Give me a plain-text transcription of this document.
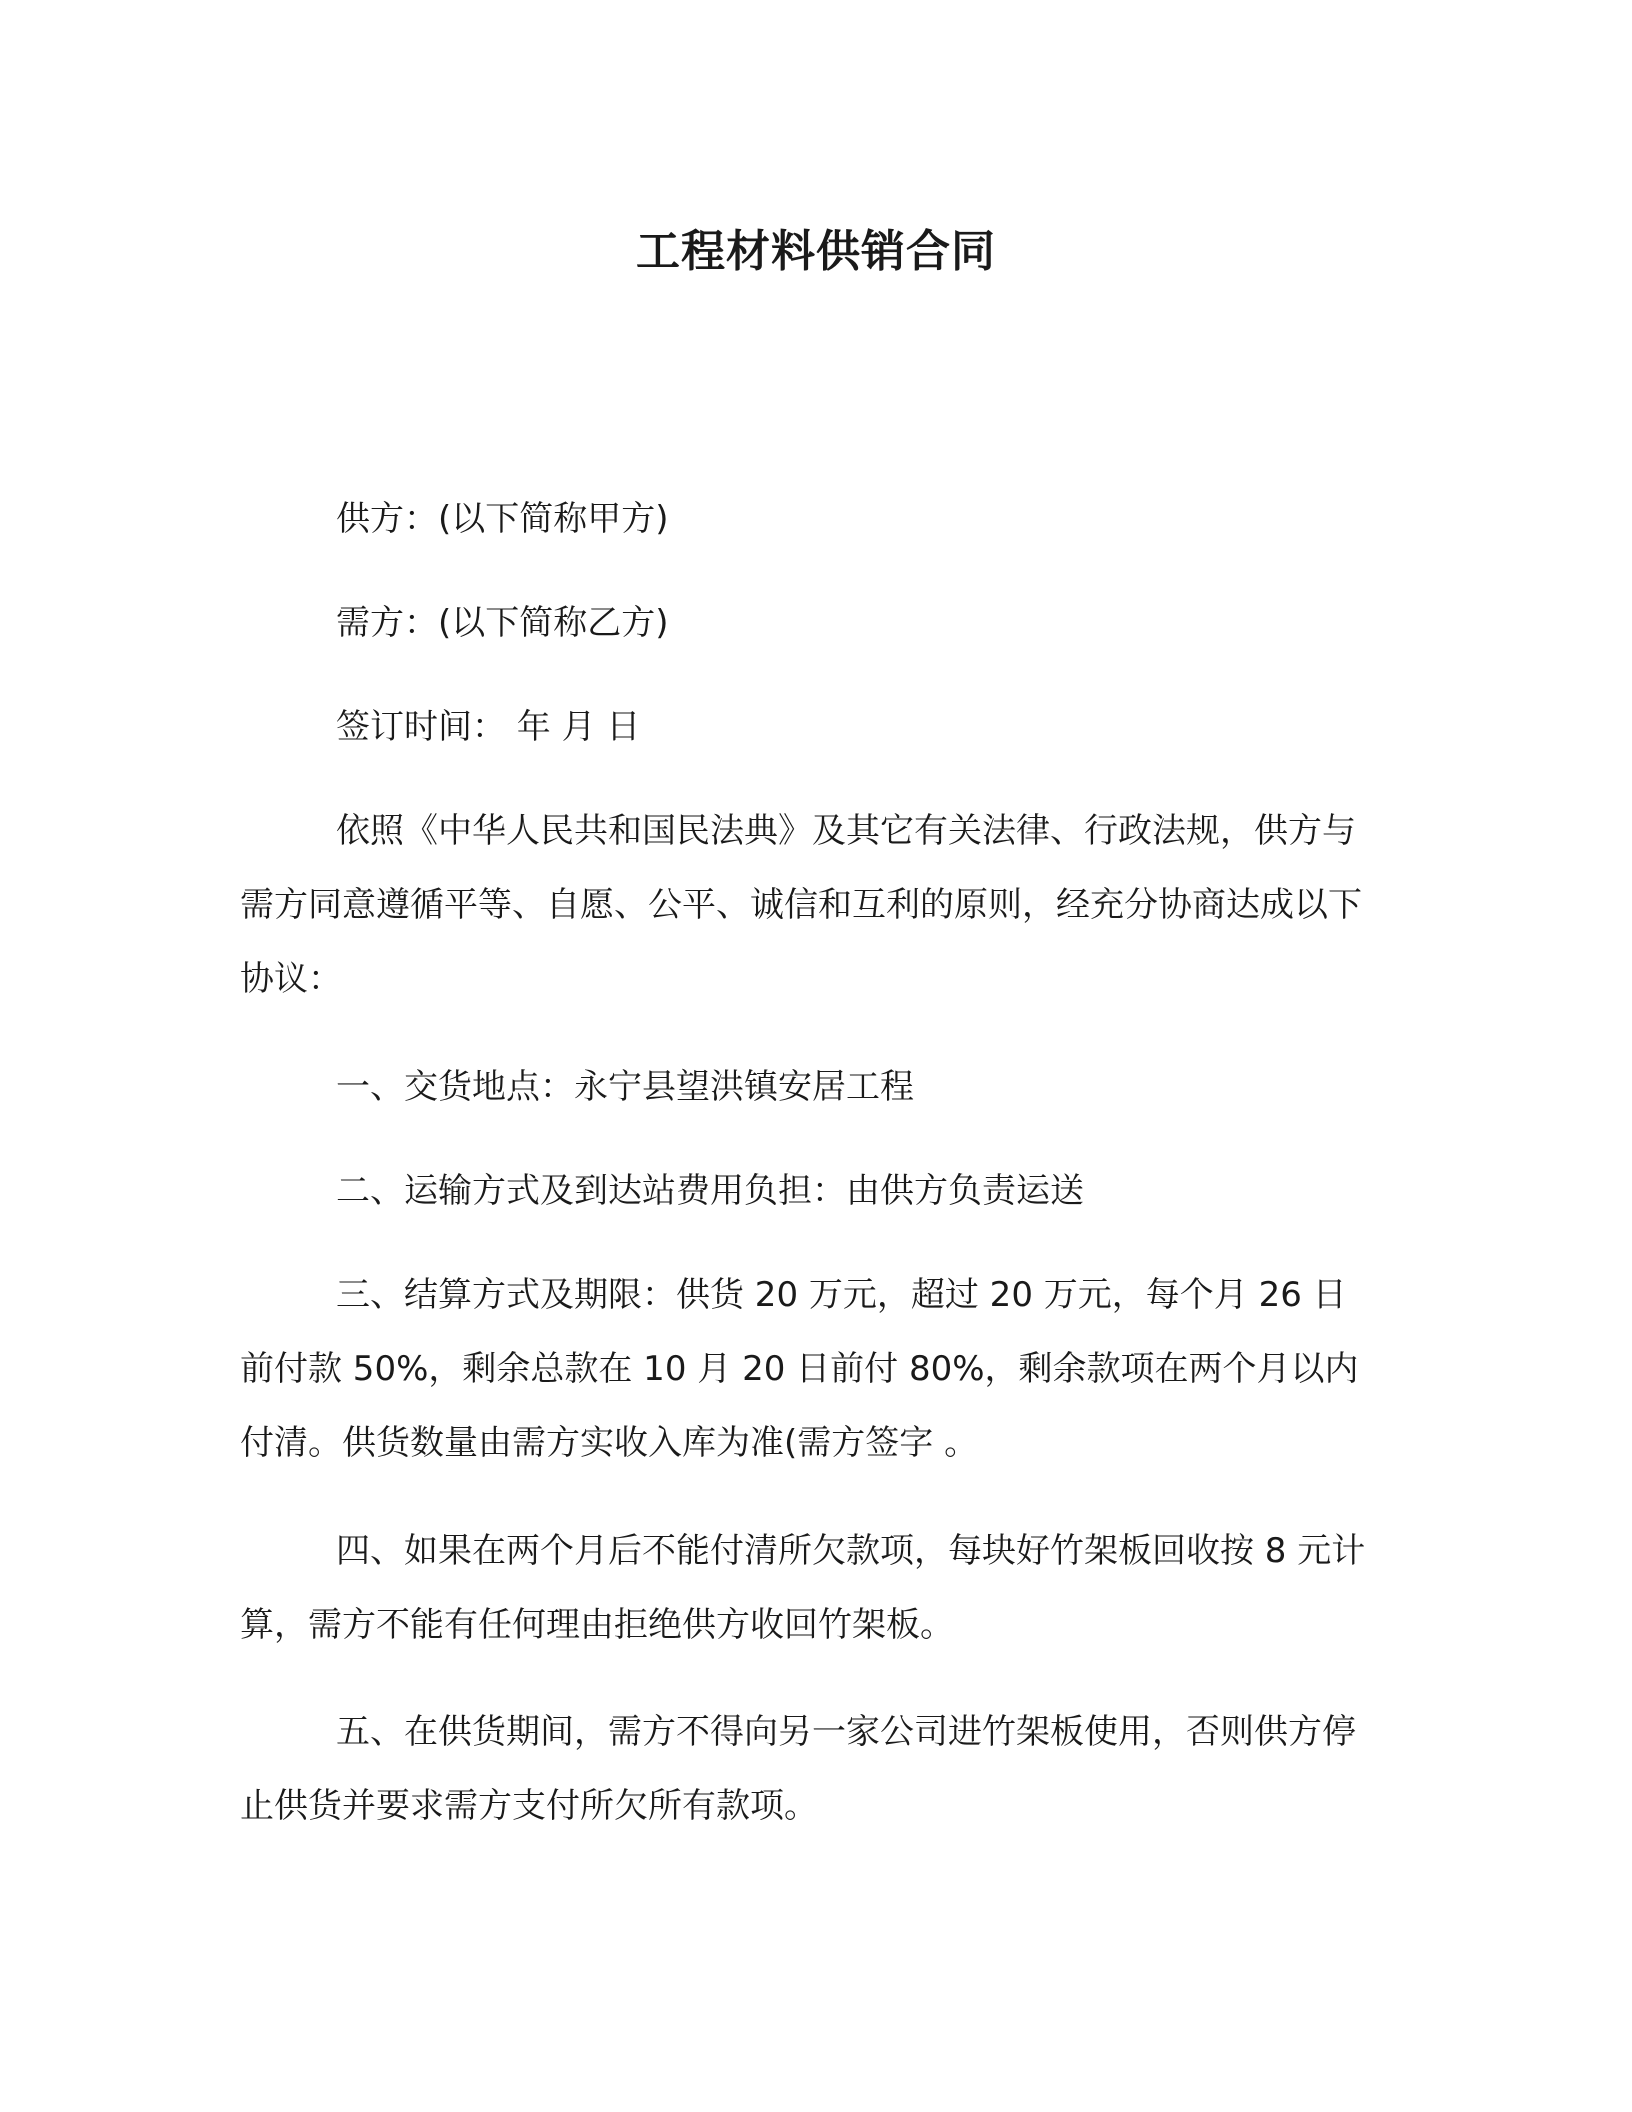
工程材料供销合同

供方：(以下简称甲方)

需方：(以下简称乙方)

签订时间： 年 月 日

依照《中华人民共和国民法典》及其它有关法律、行政法规，供方与需方同意遵循平等、自愿、公平、诚信和互利的原则，经充分协商达成以下协议：

一、交货地点：永宁县望洪镇安居工程

二、运输方式及到达站费用负担：由供方负责运送

三、结算方式及期限：供货 20 万元，超过 20 万元，每个月 26 日前付款 50%，剩余总款在 10 月 20 日前付 80%，剩余款项在两个月以内付清。供货数量由需方实收入库为准(需方签字 。

四、如果在两个月后不能付清所欠款项，每块好竹架板回收按 8 元计算，需方不能有任何理由拒绝供方收回竹架板。

五、在供货期间，需方不得向另一家公司进竹架板使用，否则供方停止供货并要求需方支付所欠所有款项。
